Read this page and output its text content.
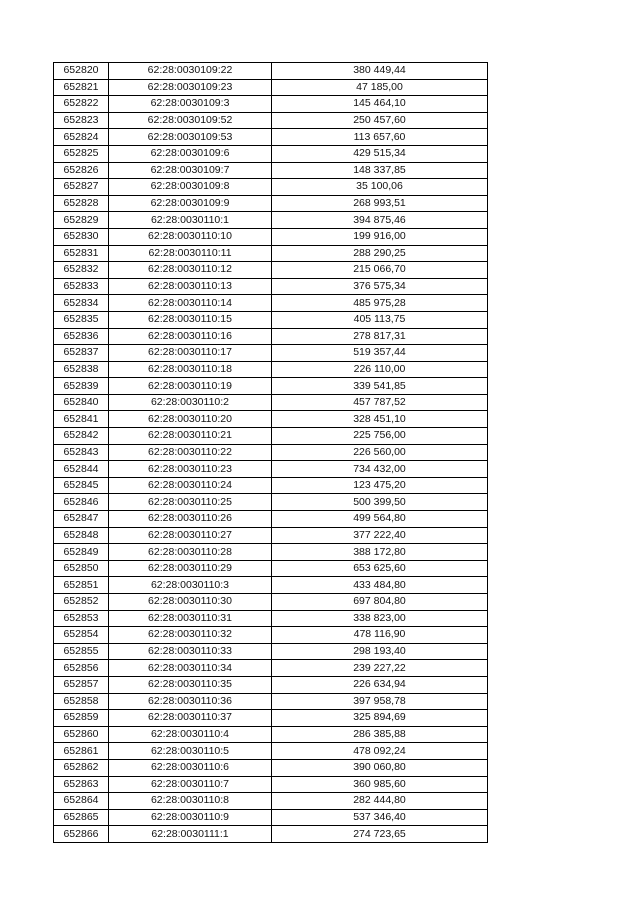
652820	62:28:0030109:22	380 449,44
652821	62:28:0030109:23	47 185,00
652822	62:28:0030109:3	145 464,10
652823	62:28:0030109:52	250 457,60
652824	62:28:0030109:53	113 657,60
652825	62:28:0030109:6	429 515,34
652826	62:28:0030109:7	148 337,85
652827	62:28:0030109:8	35 100,06
652828	62:28:0030109:9	268 993,51
652829	62:28:0030110:1	394 875,46
652830	62:28:0030110:10	199 916,00
652831	62:28:0030110:11	288 290,25
652832	62:28:0030110:12	215 066,70
652833	62:28:0030110:13	376 575,34
652834	62:28:0030110:14	485 975,28
652835	62:28:0030110:15	405 113,75
652836	62:28:0030110:16	278 817,31
652837	62:28:0030110:17	519 357,44
652838	62:28:0030110:18	226 110,00
652839	62:28:0030110:19	339 541,85
652840	62:28:0030110:2	457 787,52
652841	62:28:0030110:20	328 451,10
652842	62:28:0030110:21	225 756,00
652843	62:28:0030110:22	226 560,00
652844	62:28:0030110:23	734 432,00
652845	62:28:0030110:24	123 475,20
652846	62:28:0030110:25	500 399,50
652847	62:28:0030110:26	499 564,80
652848	62:28:0030110:27	377 222,40
652849	62:28:0030110:28	388 172,80
652850	62:28:0030110:29	653 625,60
652851	62:28:0030110:3	433 484,80
652852	62:28:0030110:30	697 804,80
652853	62:28:0030110:31	338 823,00
652854	62:28:0030110:32	478 116,90
652855	62:28:0030110:33	298 193,40
652856	62:28:0030110:34	239 227,22
652857	62:28:0030110:35	226 634,94
652858	62:28:0030110:36	397 958,78
652859	62:28:0030110:37	325 894,69
652860	62:28:0030110:4	286 385,88
652861	62:28:0030110:5	478 092,24
652862	62:28:0030110:6	390 060,80
652863	62:28:0030110:7	360 985,60
652864	62:28:0030110:8	282 444,80
652865	62:28:0030110:9	537 346,40
652866	62:28:0030111:1	274 723,65
